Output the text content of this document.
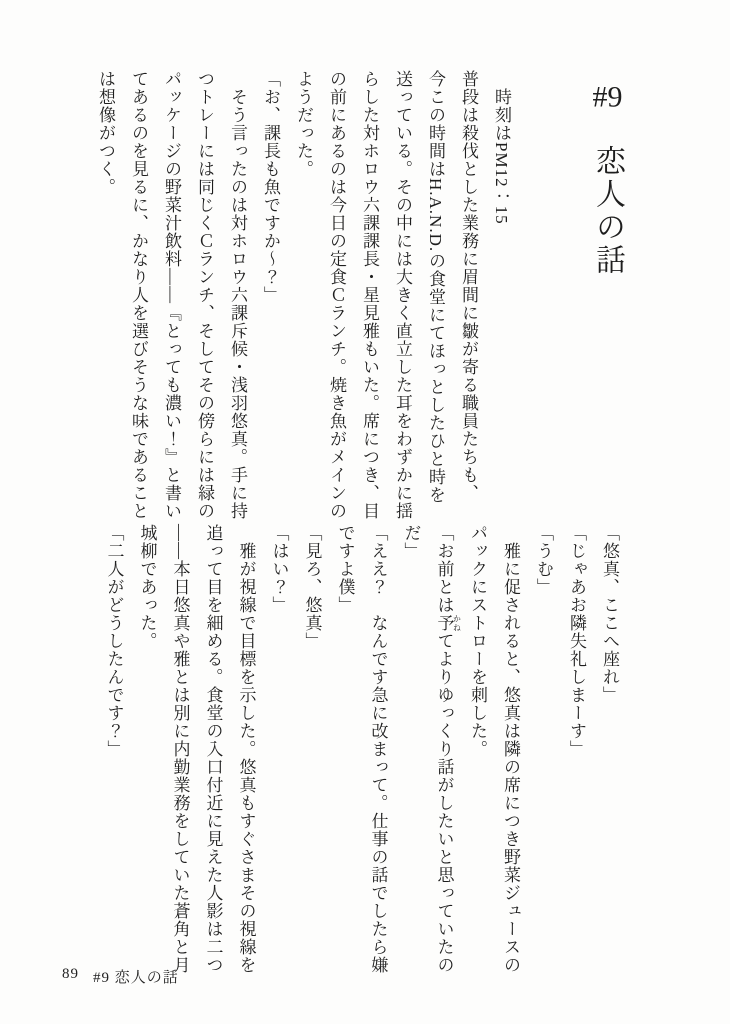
#9　恋人の話
　時刻はPM12：15
普段は殺伐とした業務に眉間に皺が寄る職員たちも、
今この時間はH.A.N.D.の食堂にてほっとしたひと時を
送っている。その中には大きく直立した耳をわずかに揺
らした対ホロウ六課課長・星見雅もいた。席につき、目
の前にあるのは今日の定食Ｃランチ。焼き魚がメインの
ようだった。
「お、課長も魚ですか～？」
　そう言ったのは対ホロウ六課斥候・浅羽悠真。手に持
つトレーには同じくＣランチ、そしてその傍らには緑の
パッケージの野菜汁飲料――『とっても濃い！』と書い
てあるのを見るに、かなり人を選びそうな味であること
は想像がつく。
「悠真、ここへ座れ」
「じゃあお隣失礼しまーす」
「うむ」
　雅に促されると、悠真は隣の席につき野菜ジュースの
パックにストローを刺した。
「お前とは予 かねてよりゆっくり話がしたいと思っていたの
だ」
「ええ？　なんです急に改まって。仕事の話でしたら嫌
ですよ僕」
「見ろ、悠真」
「はい？」
　雅が視線で目標を示した。悠真もすぐさまその視線を
追って目を細める。食堂の入口付近に見えた人影は二つ
――本日悠真や雅とは別に内勤業務をしていた蒼角と月
城柳であった。
「二人がどうしたんです？」
89 #9 恋人の話
